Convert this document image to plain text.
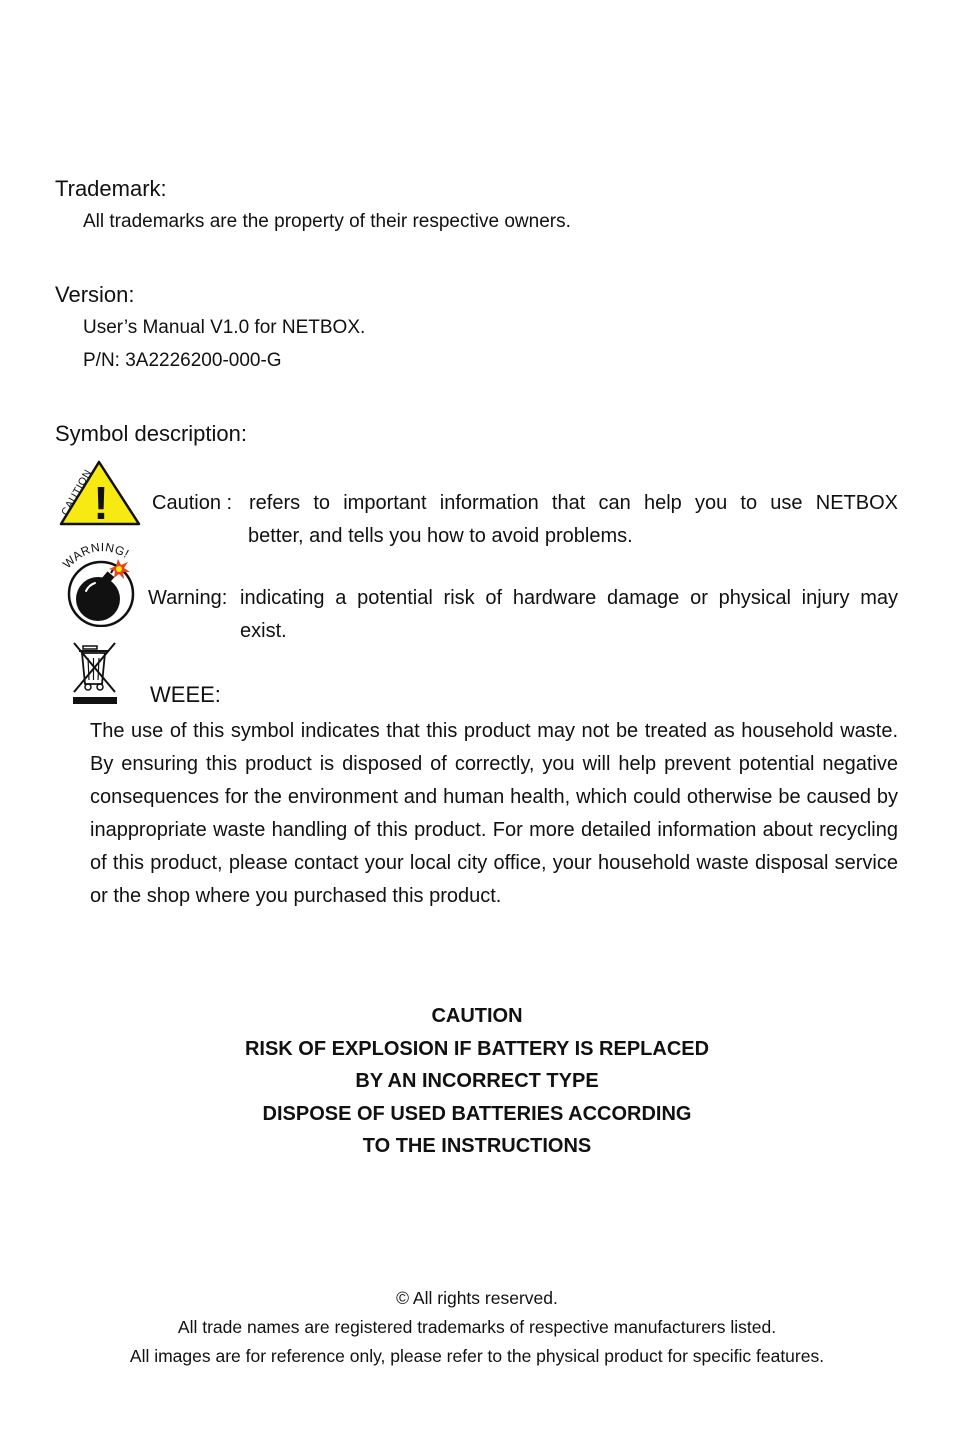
Trademark:
All trademarks are the property of their respective owners.
Version:
User’s Manual V1.0 for NETBOX.
P/N: 3A2226200-000-G
Symbol description:
!
CAUTION
Caution : refers to important information that can help you to use NETBOX
better, and tells you how to avoid problems.
WARNING!
Warning: indicating a potential risk of hardware damage or physical injury may
exist.
WEEE:
The use of this symbol indicates that this product may not be treated as household waste. By ensuring this product is disposed of correctly, you will help prevent potential negative consequences for the environment and human health, which could otherwise be caused by inappropriate waste handling of this product. For more detailed information about recycling of this product, please contact your local city office, your household waste disposal service or the shop where you purchased this product.
CAUTION
RISK OF EXPLOSION IF BATTERY IS REPLACED
BY AN INCORRECT TYPE
DISPOSE OF USED BATTERIES ACCORDING
TO THE INSTRUCTIONS
© All rights reserved.
All trade names are registered trademarks of respective manufacturers listed.
All images are for reference only, please refer to the physical product for specific features.
